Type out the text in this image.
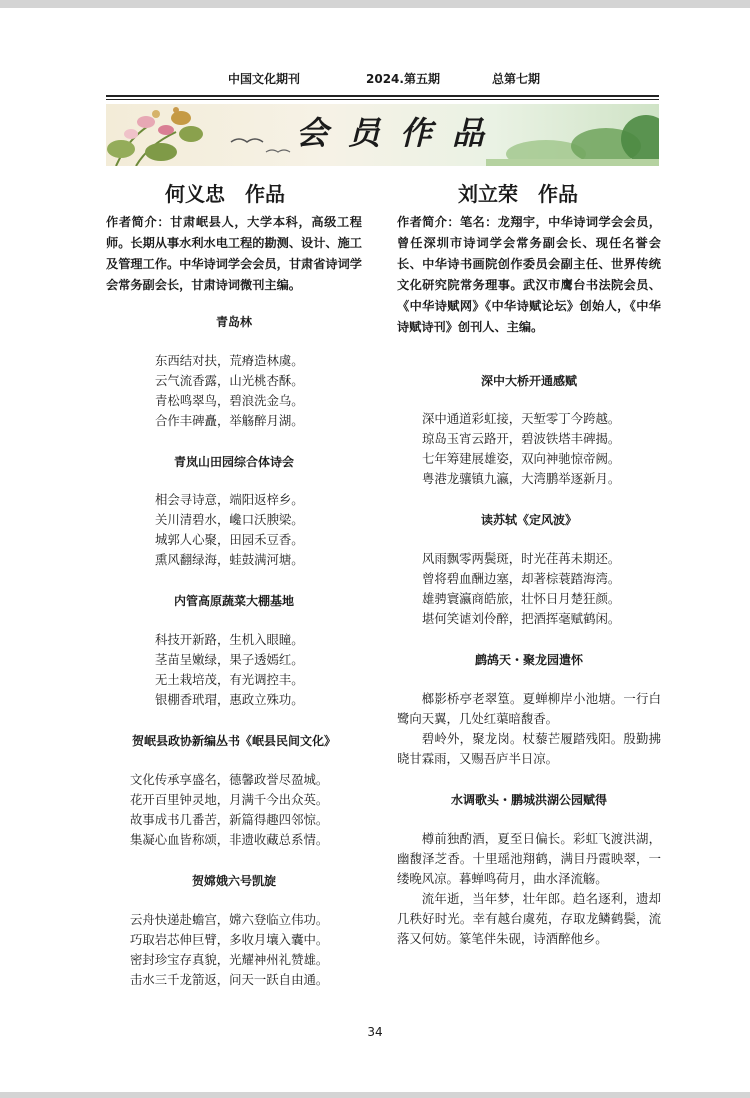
中国文化期刊	2024.第五期	总第七期
会员作品
何义忠　作品
作者简介：甘肃岷县人，大学本科，高级工程师。长期从事水利水电工程的勘测、设计、施工及管理工作。中华诗词学会会员，甘肃省诗词学会常务副会长，甘肃诗词微刊主编。
青岛林
东西结对扶，荒瘠造林虞。
云气流香露，山光桃杏酥。
青松鸣翠鸟，碧浪洗金乌。
合作丰碑矗，举觞醉月湖。
青岚山田园综合体诗会
相会寻诗意，端阳返梓乡。
关川清碧水，巉口沃腴梁。
城郭人心聚，田园禾豆香。
熏风翻绿海，蛙鼓满河塘。
内管高原蔬菜大棚基地
科技开新路，生机入眼瞳。
茎苗呈嫩绿，果子透嫣红。
无土栽培茂，有光调控丰。
银棚香玳瑁，惠政立殊功。
贺岷县政协新编丛书《岷县民间文化》
文化传承享盛名，德馨政誉尽盈城。
花开百里钟灵地，月满千今出众英。
故事成书几番苦，新篇得趣四邻惊。
集凝心血皆称颂，非遗收藏总系情。
贺嫦娥六号凯旋
云舟快递赴蟾宫，嫦六登临立伟功。
巧取岩芯伸巨臂，多收月壤入囊中。
密封珍宝存真貌，光耀神州礼赞雄。
击水三千龙箭返，问天一跃自由通。
刘立荣　作品
作者简介：笔名：龙翔宇，中华诗词学会会员，曾任深圳市诗词学会常务副会长、现任名誉会长、中华诗书画院创作委员会副主任、世界传统文化研究院常务理事。武汉市鹰台书法院会员、《中华诗赋网》《中华诗赋论坛》创始人，《中华诗赋诗刊》创刊人、主编。
深中大桥开通感赋
深中通道彩虹接，天堑零丁今跨越。
琼岛玉宵云路开，碧波铁塔丰碑揭。
七年筹建展雄姿，双向神驰惊帝阙。
粤港龙骧镇九瀛，大湾鹏举逐新月。
读苏轼《定风波》
风雨飘零两鬓斑，时光荏苒未期还。
曾将碧血酬边塞，却著棕蓑踏海湾。
雄骋寰瀛商皓旅，壮怀日月楚狂颜。
堪何笑谑刘伶醉，把酒挥毫赋鹤闲。
鹧鸪天・聚龙园遣怀
榔影桥亭老翠篁。夏蝉柳岸小池塘。一行白鹭向天翼，几处红蕖暗馥香。
碧岭外，聚龙岗。杖藜芒履踏残阳。殷勤拂晓甘霖雨，又赐吾庐半日凉。
水调歌头・鹏城洪湖公园赋得
樽前独酌酒，夏至日偏长。彩虹飞渡洪湖，幽馥泽芝香。十里瑶池翔鹤，满目丹霞映翠，一缕晚风凉。暮蝉鸣荷月，曲水泽流觞。
流年逝，当年梦，壮年郎。趋名逐利，遗却几秩好时光。幸有越台虞苑，存取龙鳞鹤鬓，流落又何妨。篆笔伴朱砚，诗酒醉他乡。
34
